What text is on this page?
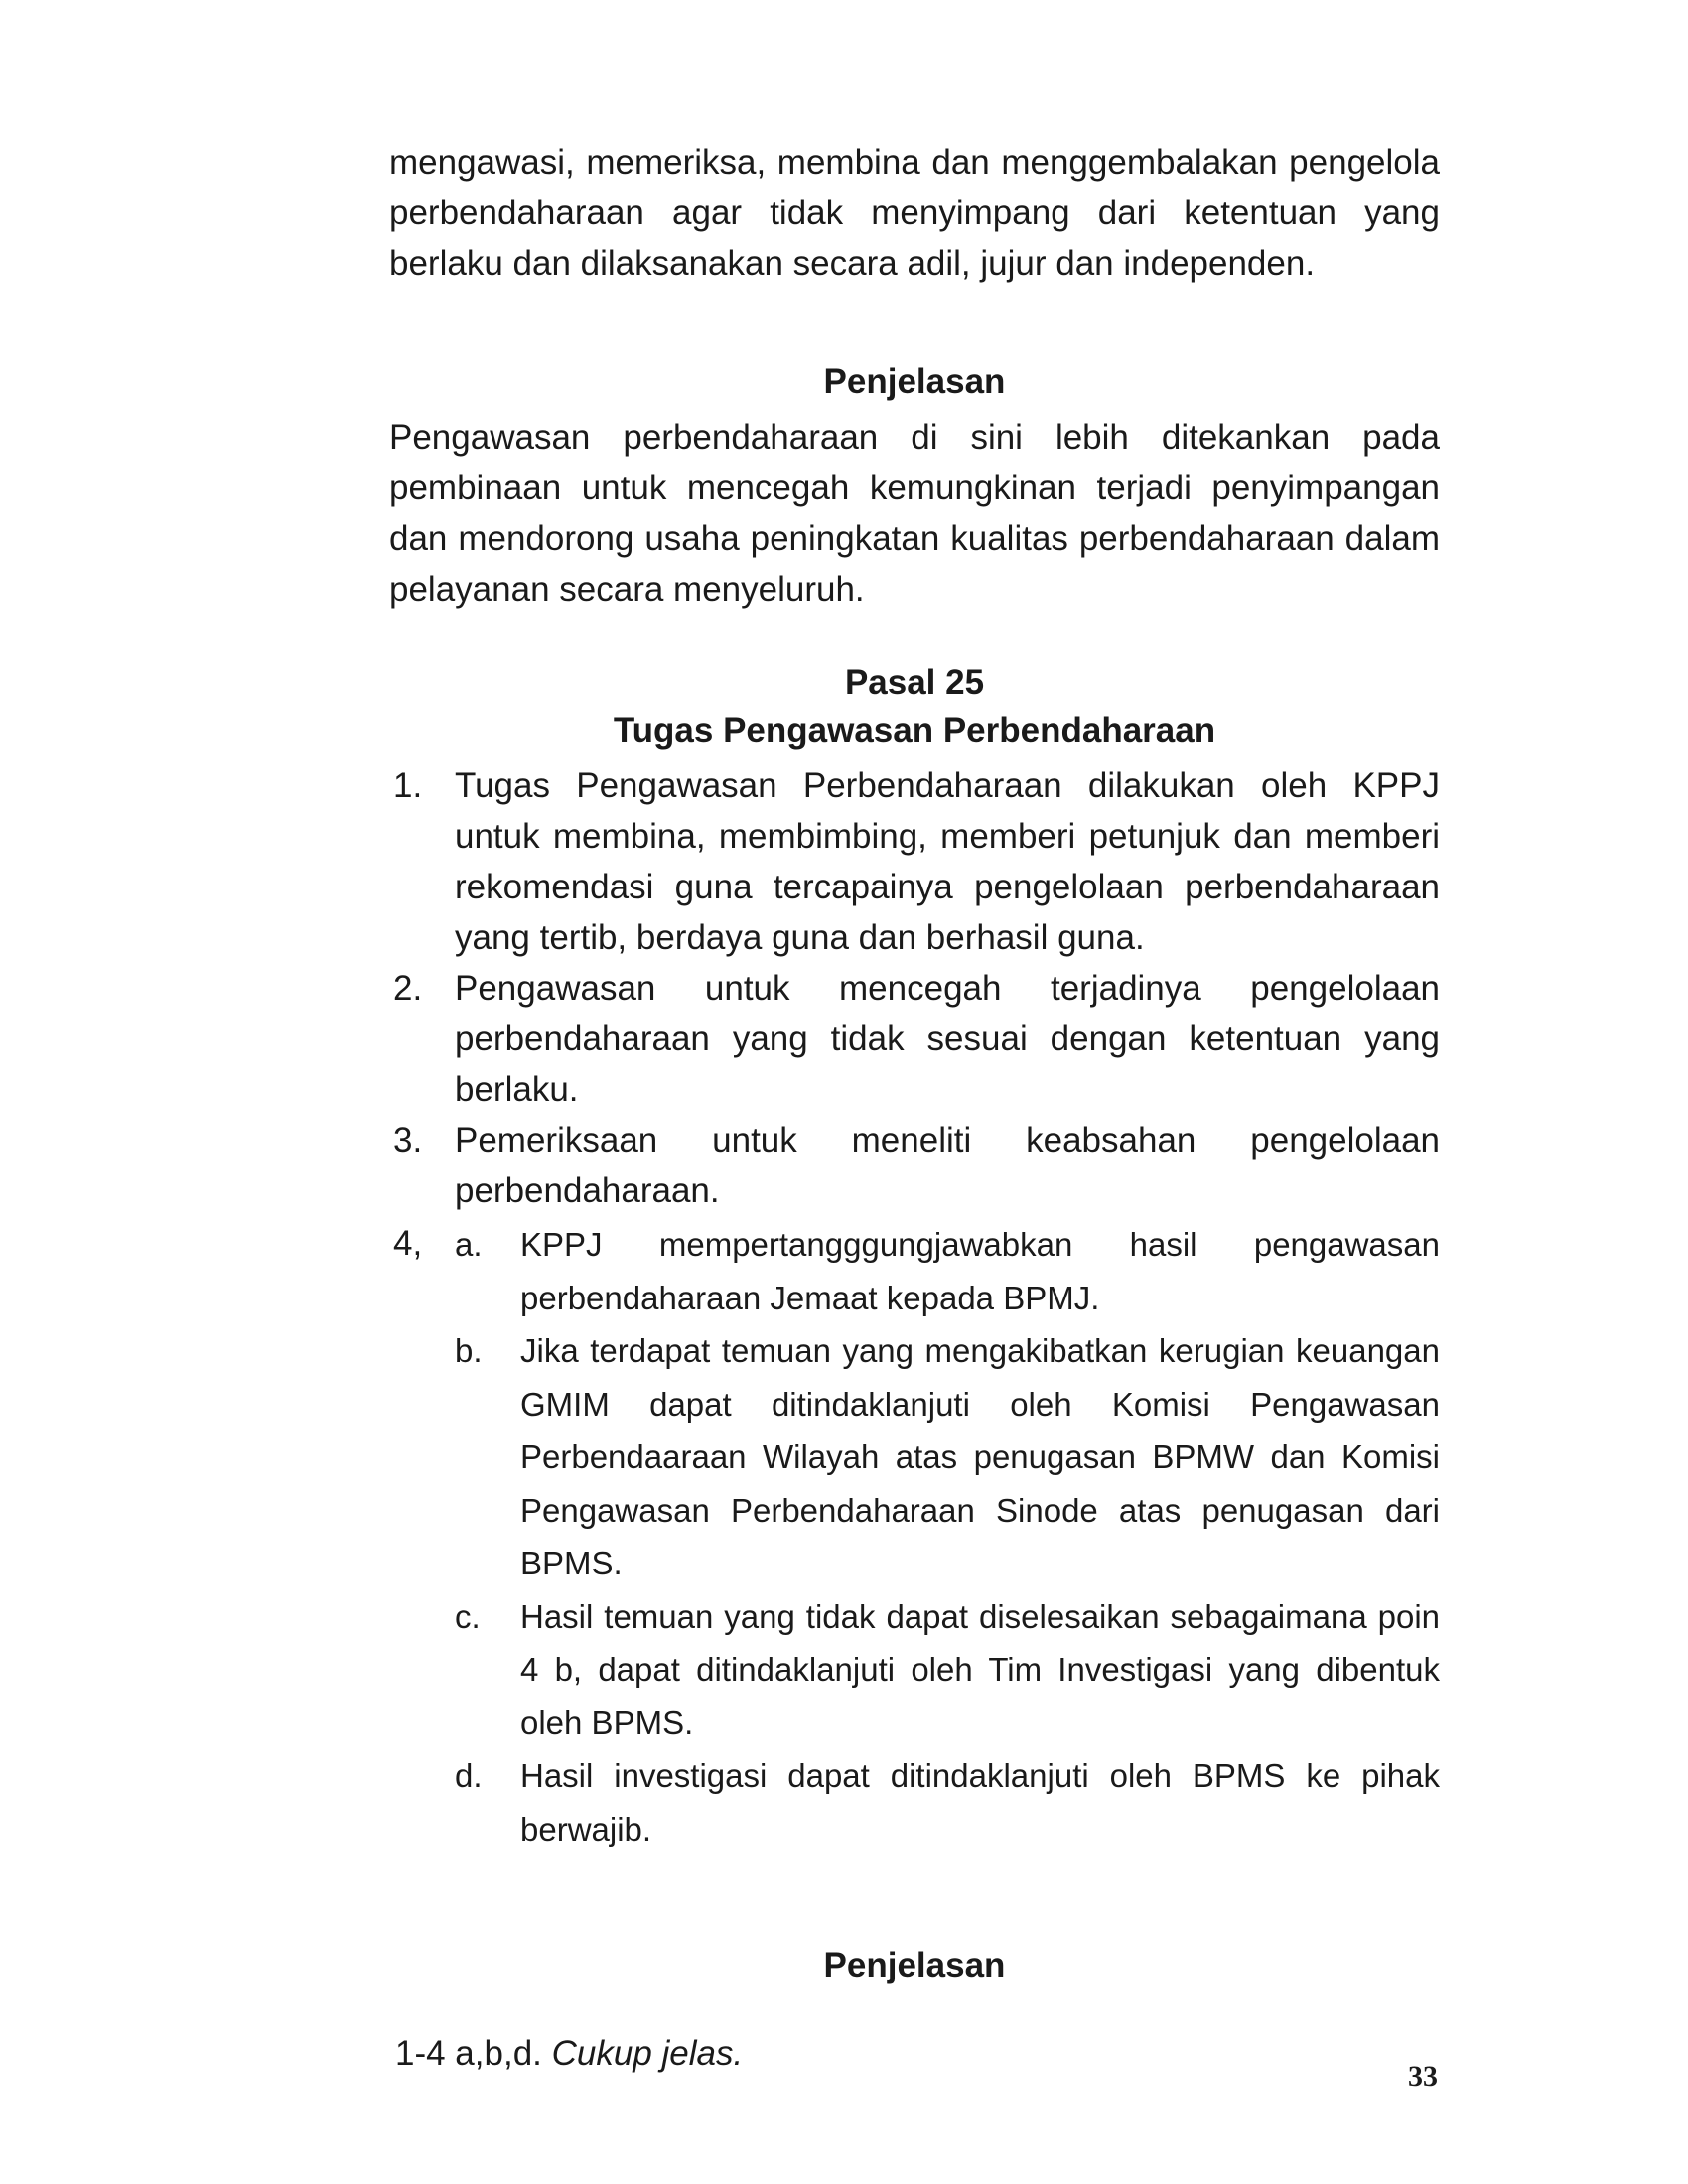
mengawasi, memeriksa, membina dan menggembalakan pengelola perbendaharaan agar tidak menyimpang dari ketentuan yang berlaku dan dilaksanakan secara adil, jujur dan independen.

Penjelasan

Pengawasan perbendaharaan di sini lebih ditekankan pada pembinaan untuk mencegah kemungkinan terjadi penyimpangan dan mendorong usaha peningkatan kualitas perbendaharaan dalam pelayanan secara menyeluruh.

Pasal 25

Tugas Pengawasan Perbendaharaan

1. Tugas Pengawasan Perbendaharaan dilakukan oleh KPPJ untuk membina, membimbing, memberi petunjuk dan memberi rekomendasi guna tercapainya pengelolaan perbendaharaan yang tertib, berdaya guna dan berhasil guna.
2. Pengawasan untuk mencegah terjadinya pengelolaan perbendaharaan yang tidak sesuai dengan ketentuan yang berlaku.
3. Pemeriksaan untuk meneliti keabsahan pengelolaan perbendaharaan.
4, a. KPPJ mempertangggungjawabkan hasil pengawasan perbendaharaan Jemaat kepada BPMJ.
b. Jika terdapat temuan yang mengakibatkan kerugian keuangan GMIM dapat ditindaklanjuti oleh Komisi Pengawasan Perbendaaraan Wilayah atas penugasan BPMW dan Komisi Pengawasan Perbendaharaan Sinode atas penugasan dari BPMS.
c. Hasil temuan yang tidak dapat diselesaikan sebagaimana poin 4 b, dapat ditindaklanjuti oleh Tim Investigasi yang dibentuk oleh BPMS.
d. Hasil investigasi dapat ditindaklanjuti oleh BPMS ke pihak berwajib.

Penjelasan

1-4 a,b,d. Cukup jelas.

33
